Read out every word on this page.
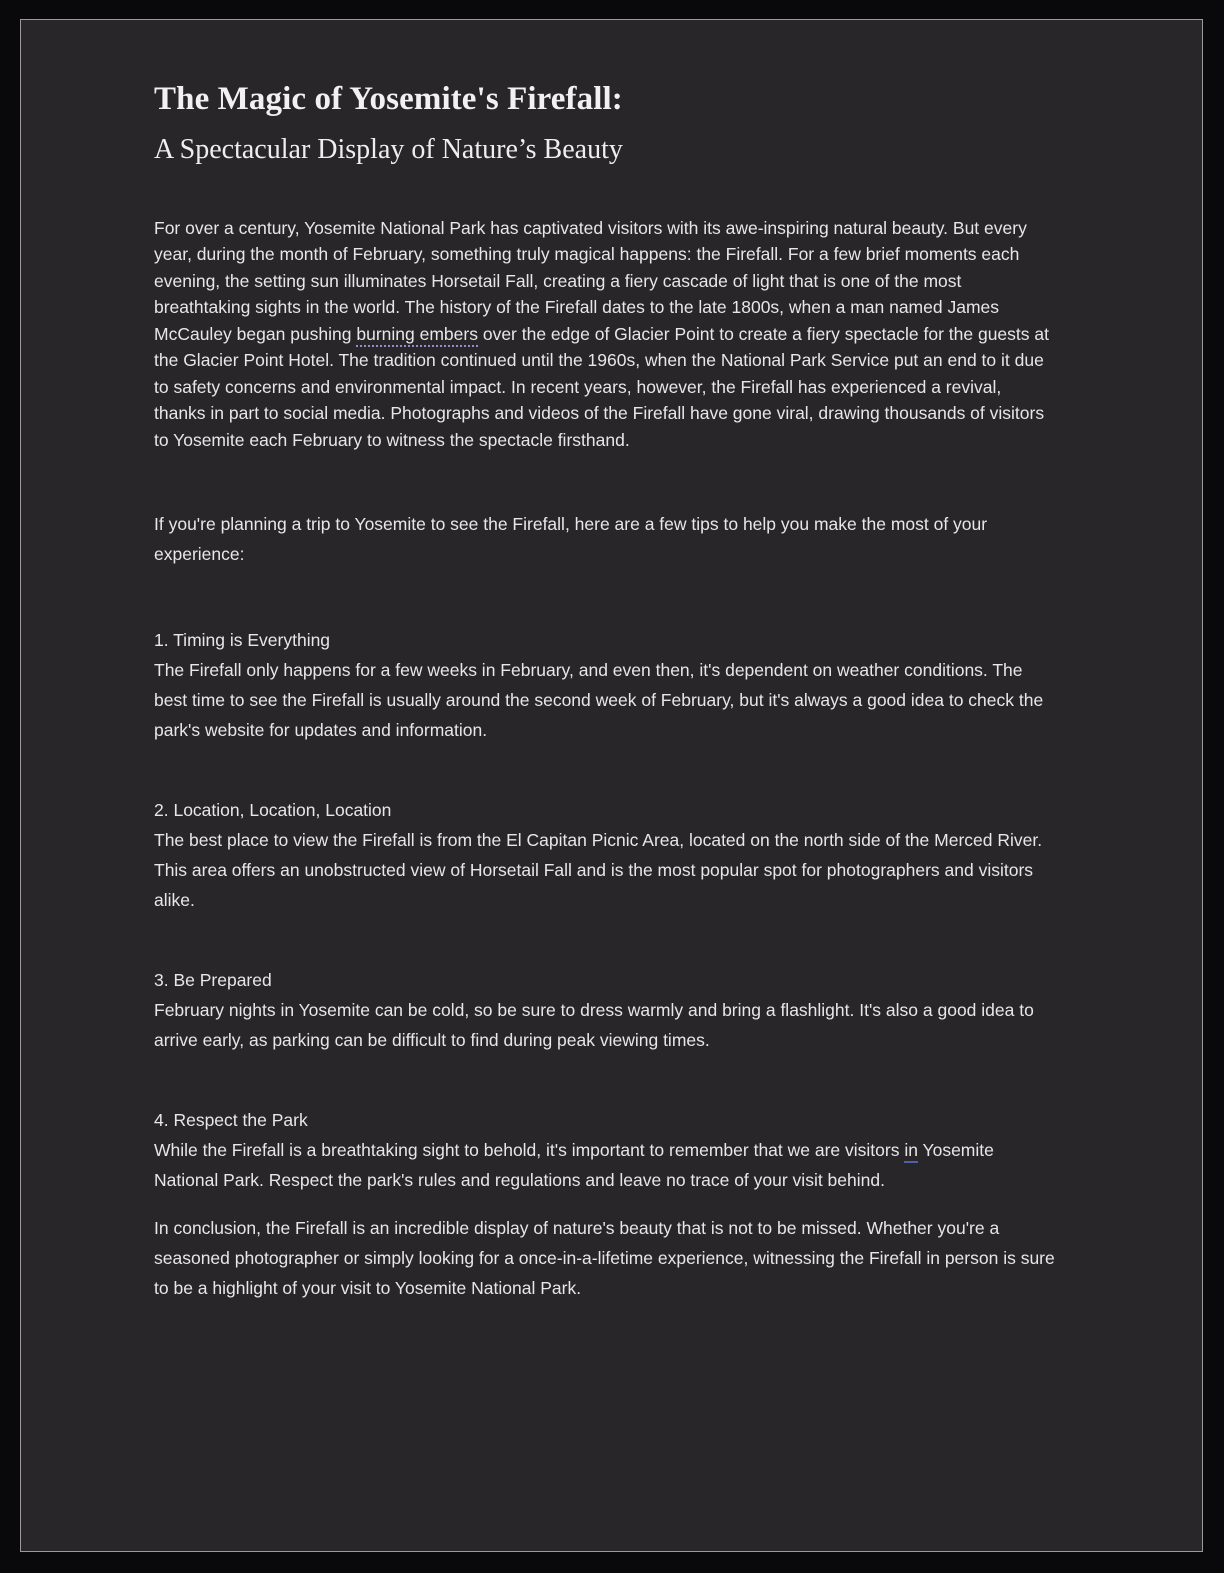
The Magic of Yosemite's Firefall:
A Spectacular Display of Nature’s Beauty

For over a century, Yosemite National Park has captivated visitors with its awe-inspiring natural beauty. But every year, during the month of February, something truly magical happens: the Firefall. For a few brief moments each evening, the setting sun illuminates Horsetail Fall, creating a fiery cascade of light that is one of the most breathtaking sights in the world. The history of the Firefall dates to the late 1800s, when a man named James McCauley began pushing burning embers over the edge of Glacier Point to create a fiery spectacle for the guests at the Glacier Point Hotel. The tradition continued until the 1960s, when the National Park Service put an end to it due to safety concerns and environmental impact. In recent years, however, the Firefall has experienced a revival, thanks in part to social media. Photographs and videos of the Firefall have gone viral, drawing thousands of visitors to Yosemite each February to witness the spectacle firsthand.

If you're planning a trip to Yosemite to see the Firefall, here are a few tips to help you make the most of your experience:

1. Timing is Everything

The Firefall only happens for a few weeks in February, and even then, it's dependent on weather conditions. The best time to see the Firefall is usually around the second week of February, but it's always a good idea to check the park's website for updates and information.

2. Location, Location, Location

The best place to view the Firefall is from the El Capitan Picnic Area, located on the north side of the Merced River. This area offers an unobstructed view of Horsetail Fall and is the most popular spot for photographers and visitors alike.

3. Be Prepared

February nights in Yosemite can be cold, so be sure to dress warmly and bring a flashlight. It's also a good idea to arrive early, as parking can be difficult to find during peak viewing times.

4. Respect the Park

While the Firefall is a breathtaking sight to behold, it's important to remember that we are visitors in Yosemite National Park. Respect the park's rules and regulations and leave no trace of your visit behind.

In conclusion, the Firefall is an incredible display of nature's beauty that is not to be missed. Whether you're a seasoned photographer or simply looking for a once-in-a-lifetime experience, witnessing the Firefall in person is sure to be a highlight of your visit to Yosemite National Park.
